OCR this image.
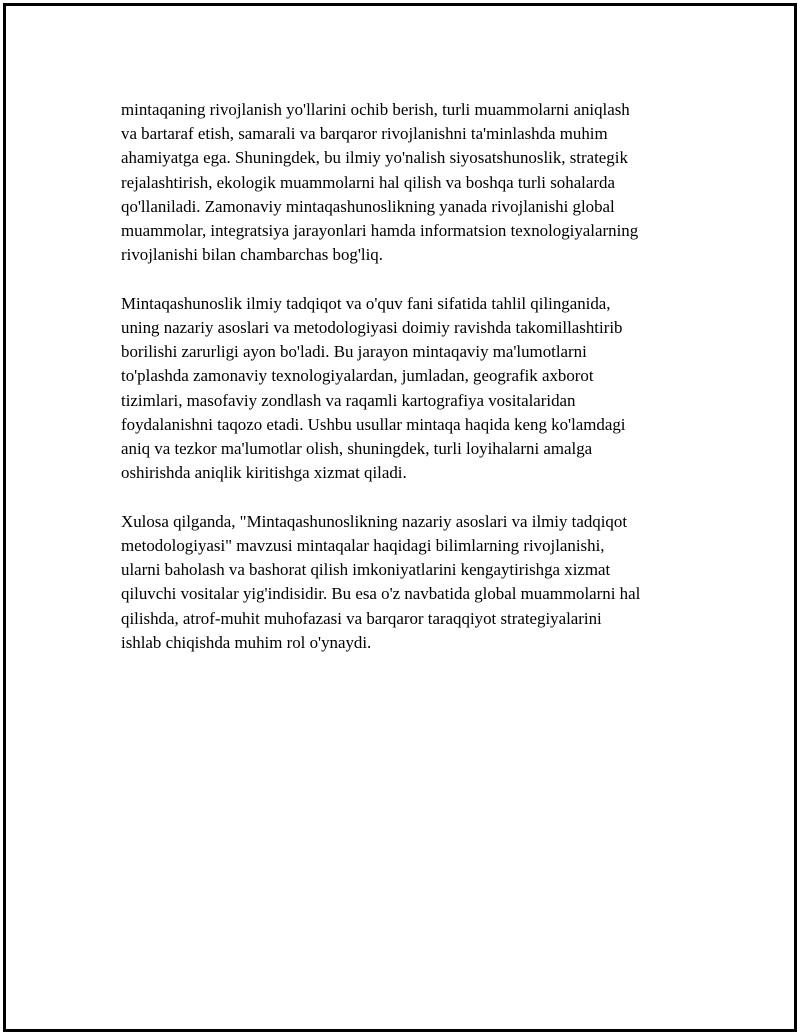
mintaqaning rivojlanish yo'llarini ochib berish, turli muammolarni aniqlash
va bartaraf etish, samarali va barqaror rivojlanishni ta'minlashda muhim
ahamiyatga ega. Shuningdek, bu ilmiy yo'nalish siyosatshunoslik, strategik
rejalashtirish, ekologik muammolarni hal qilish va boshqa turli sohalarda
qo'llaniladi. Zamonaviy mintaqashunoslikning yanada rivojlanishi global
muammolar, integratsiya jarayonlari hamda informatsion texnologiyalarning
rivojlanishi bilan chambarchas bog'liq.

Mintaqashunoslik ilmiy tadqiqot va o'quv fani sifatida tahlil qilinganida,
uning nazariy asoslari va metodologiyasi doimiy ravishda takomillashtirib
borilishi zarurligi ayon bo'ladi. Bu jarayon mintaqaviy ma'lumotlarni
to'plashda zamonaviy texnologiyalardan, jumladan, geografik axborot
tizimlari, masofaviy zondlash va raqamli kartografiya vositalaridan
foydalanishni taqozo etadi. Ushbu usullar mintaqa haqida keng ko'lamdagi
aniq va tezkor ma'lumotlar olish, shuningdek, turli loyihalarni amalga
oshirishda aniqlik kiritishga xizmat qiladi.

Xulosa qilganda, "Mintaqashunoslikning nazariy asoslari va ilmiy tadqiqot
metodologiyasi" mavzusi mintaqalar haqidagi bilimlarning rivojlanishi,
ularni baholash va bashorat qilish imkoniyatlarini kengaytirishga xizmat
qiluvchi vositalar yig'indisidir. Bu esa o'z navbatida global muammolarni hal
qilishda, atrof-muhit muhofazasi va barqaror taraqqiyot strategiyalarini
ishlab chiqishda muhim rol o'ynaydi.
